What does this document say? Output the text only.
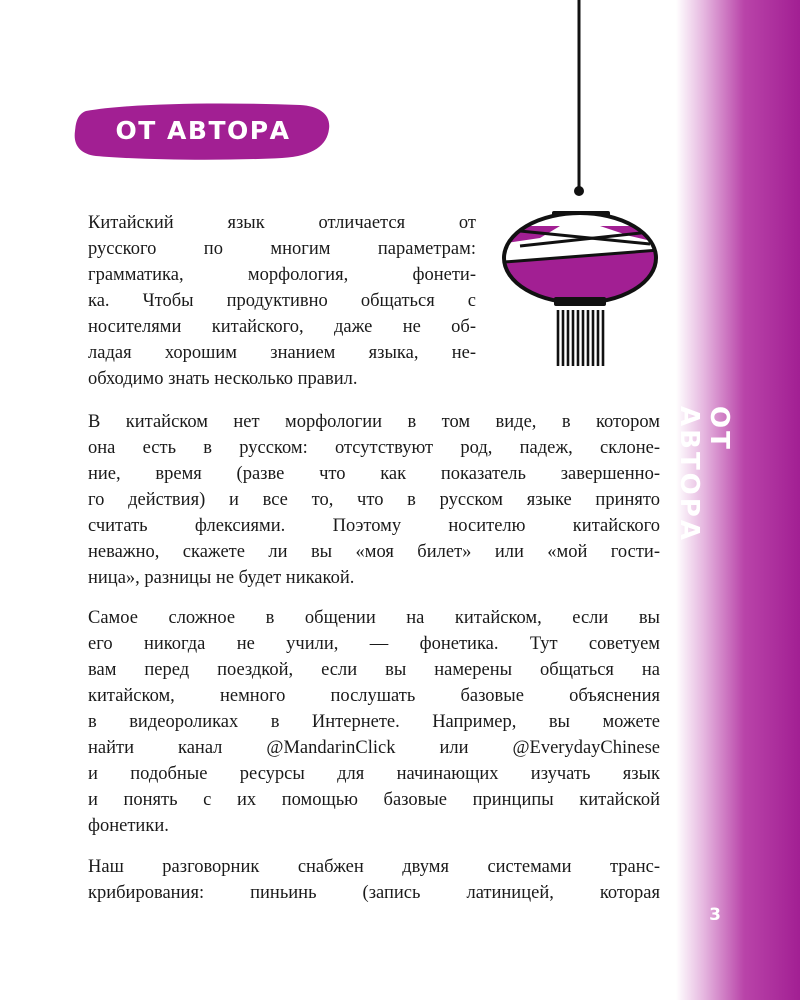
ОТ АВТОРА
3
ОТ АВТОРА

Китайский язык отличается от
русского по многим параметрам:
грамматика, морфология, фонети-
ка. Чтобы продуктивно общаться с
носителями китайского, даже не об-
ладая хорошим знанием языка, не-
обходимо знать несколько правил.

В китайском нет морфологии в том виде, в котором
она есть в русском: отсутствуют род, падеж, склоне-
ние, время (разве что как показатель завершенно-
го действия) и все то, что в русском языке принято
считать флексиями. Поэтому носителю китайского
неважно, скажете ли вы «моя билет» или «мой гости-
ница», разницы не будет никакой.

Самое сложное в общении на китайском, если вы
его никогда не учили, — фонетика. Тут советуем
вам перед поездкой, если вы намерены общаться на
китайском, немного послушать базовые объяснения
в видеороликах в Интернете. Например, вы можете
найти канал @MandarinClick или @EverydayChinese
и подобные ресурсы для начинающих изучать язык
и понять с их помощью базовые принципы китайской
фонетики.

Наш разговорник снабжен двумя системами транс-
крибирования: пиньинь (запись латиницей, которая
